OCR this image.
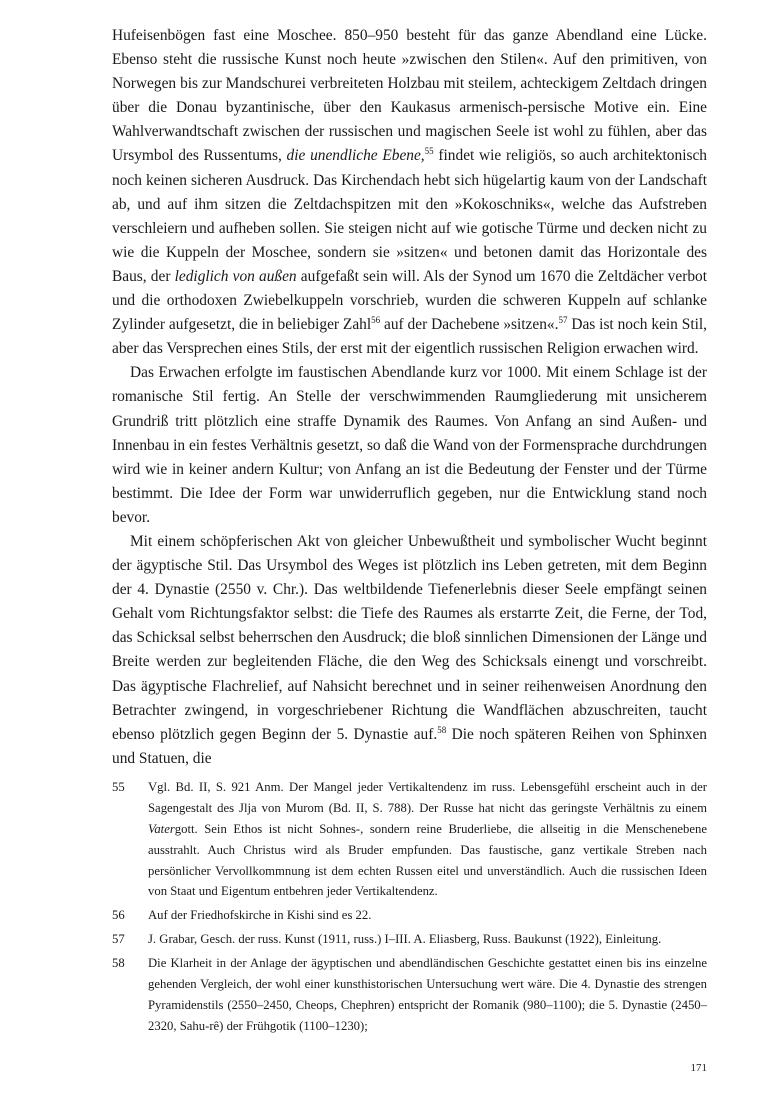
Hufeisenbögen fast eine Moschee. 850–950 besteht für das ganze Abendland eine Lücke. Ebenso steht die russische Kunst noch heute »zwischen den Stilen«. Auf den primitiven, von Norwegen bis zur Mandschurei verbreiteten Holzbau mit steilem, achteckigem Zeltdach dringen über die Donau byzantinische, über den Kaukasus armenisch-persische Motive ein. Eine Wahlverwandtschaft zwischen der russischen und magischen Seele ist wohl zu fühlen, aber das Ursymbol des Russentums, die unendliche Ebene,$^{55}$ findet wie religiös, so auch architektonisch noch keinen sicheren Ausdruck. Das Kirchendach hebt sich hügelartig kaum von der Landschaft ab, und auf ihm sitzen die Zeltdachspitzen mit den »Kokoschniks«, welche das Aufstreben verschleiern und aufheben sollen. Sie steigen nicht auf wie gotische Türme und decken nicht zu wie die Kuppeln der Moschee, sondern sie »sitzen« und betonen damit das Horizontale des Baus, der lediglich von außen aufgefaßt sein will. Als der Synod um 1670 die Zeltdächer verbot und die orthodoxen Zwiebelkuppeln vorschrieb, wurden die schweren Kuppeln auf schlanke Zylinder aufgesetzt, die in beliebiger Zahl$^{56}$ auf der Dachebene »sitzen«.$^{57}$ Das ist noch kein Stil, aber das Versprechen eines Stils, der erst mit der eigentlich russischen Religion erwachen wird.

Das Erwachen erfolgte im faustischen Abendlande kurz vor 1000. Mit einem Schlage ist der romanische Stil fertig. An Stelle der verschwimmenden Raumgliederung mit unsicherem Grundriß tritt plötzlich eine straffe Dynamik des Raumes. Von Anfang an sind Außen- und Innenbau in ein festes Verhältnis gesetzt, so daß die Wand von der Formensprache durchdrungen wird wie in keiner andern Kultur; von Anfang an ist die Bedeutung der Fenster und der Türme bestimmt. Die Idee der Form war unwiderruflich gegeben, nur die Entwicklung stand noch bevor.

Mit einem schöpferischen Akt von gleicher Unbewußtheit und symbolischer Wucht beginnt der ägyptische Stil. Das Ursymbol des Weges ist plötzlich ins Leben getreten, mit dem Beginn der 4. Dynastie (2550 v. Chr.). Das weltbildende Tiefenerlebnis dieser Seele empfängt seinen Gehalt vom Richtungsfaktor selbst: die Tiefe des Raumes als erstarrte Zeit, die Ferne, der Tod, das Schicksal selbst beherrschen den Ausdruck; die bloß sinnlichen Dimensionen der Länge und Breite werden zur begleitenden Fläche, die den Weg des Schicksals einengt und vorschreibt. Das ägyptische Flachrelief, auf Nahsicht berechnet und in seiner reihenweisen Anordnung den Betrachter zwingend, in vorgeschriebener Richtung die Wandflächen abzuschreiten, taucht ebenso plötzlich gegen Beginn der 5. Dynastie auf.$^{58}$ Die noch späteren Reihen von Sphinxen und Statuen, die

55	Vgl. Bd. II, S. 921 Anm. Der Mangel jeder Vertikaltendenz im russ. Lebensgefühl erscheint auch in der Sagengestalt des Jlja von Murom (Bd. II, S. 788). Der Russe hat nicht das geringste Verhältnis zu einem Vatergott. Sein Ethos ist nicht Sohnes-, sondern reine Bruderliebe, die allseitig in die Menschenebene ausstrahlt. Auch Christus wird als Bruder empfunden. Das faustische, ganz vertikale Streben nach persönlicher Vervollkommnung ist dem echten Russen eitel und unverständlich. Auch die russischen Ideen von Staat und Eigentum entbehren jeder Vertikaltendenz.
56	Auf der Friedhofskirche in Kishi sind es 22.
57	J. Grabar, Gesch. der russ. Kunst (1911, russ.) I–III. A. Eliasberg, Russ. Baukunst (1922), Einleitung.
58	Die Klarheit in der Anlage der ägyptischen und abendländischen Geschichte gestattet einen bis ins einzelne gehenden Vergleich, der wohl einer kunsthistorischen Untersuchung wert wäre. Die 4. Dynastie des strengen Pyramidenstils (2550–2450, Cheops, Chephren) entspricht der Romanik (980–1100); die 5. Dynastie (2450–2320, Sahu-rê) der Frühgotik (1100–1230);
171
